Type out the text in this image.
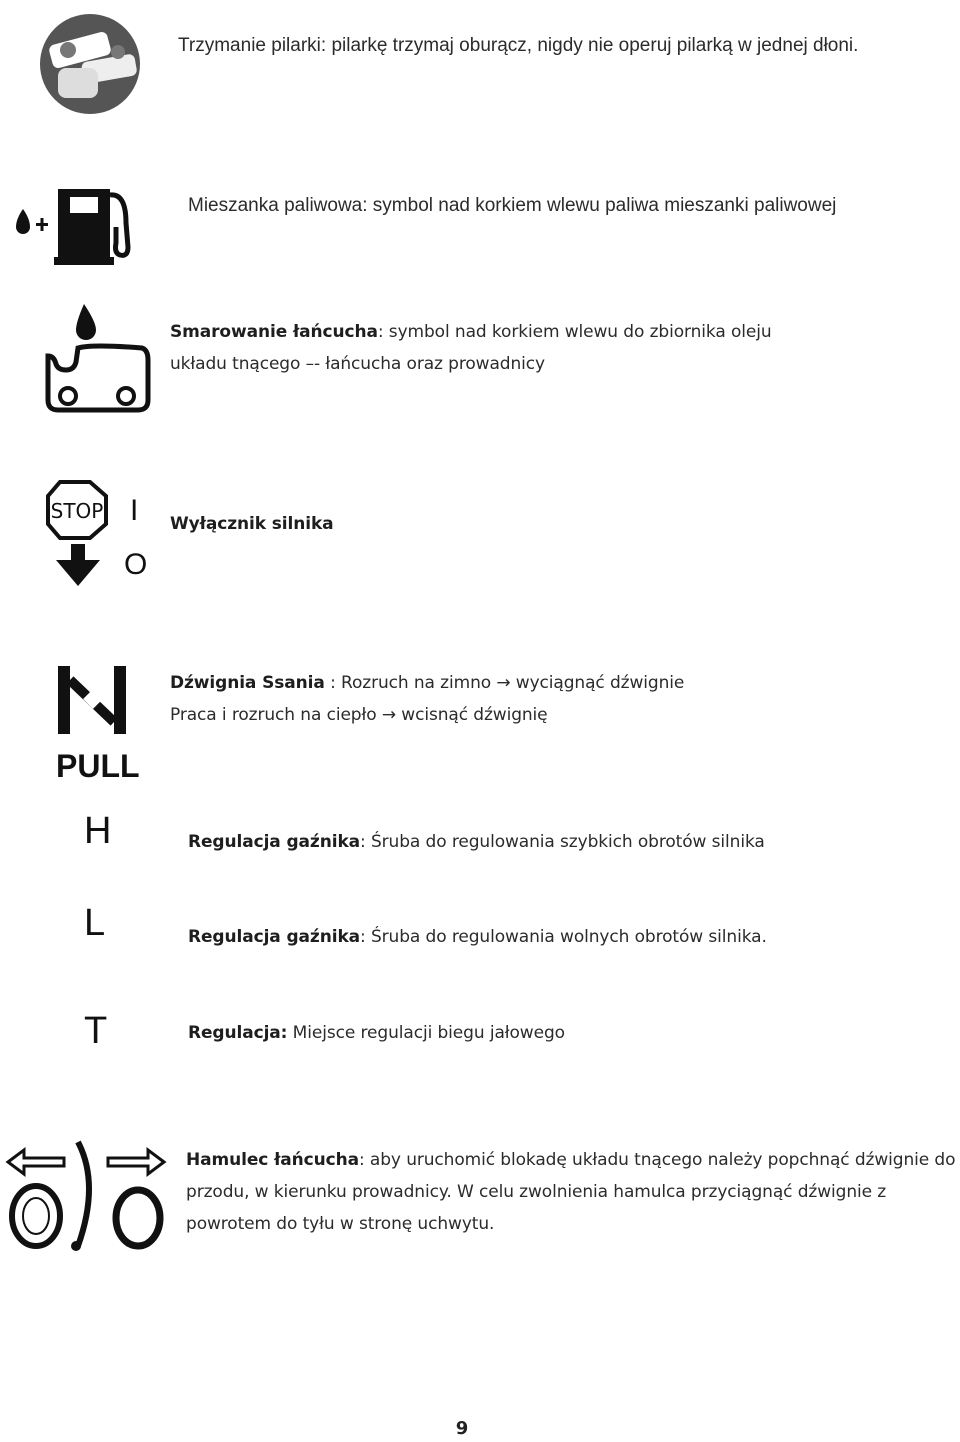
Trzymanie pilarki: pilarkę trzymaj oburącz, nigdy nie operuj pilarką w jednej dłoni.
Mieszanka paliwowa: symbol nad korkiem wlewu paliwa mieszanki paliwowej
Smarowanie łańcucha: symbol nad korkiem wlewu do zbiornika oleju
układu tnącego –- łańcucha oraz prowadnicy
STOP I
O
Wyłącznik silnika
PULL
Dźwignia Ssania : Rozruch na zimno → wyciągnąć dźwignie
Praca i rozruch na ciepło → wcisnąć dźwignię
H	Regulacja gaźnika: Śruba do regulowania szybkich obrotów silnika
L	Regulacja gaźnika: Śruba do regulowania wolnych obrotów silnika.
T	Regulacja: Miejsce regulacji biegu jałowego
Hamulec łańcucha: aby uruchomić blokadę układu tnącego należy popchnąć dźwignie do
przodu, w kierunku prowadnicy. W celu zwolnienia hamulca przyciągnąć dźwignie z
powrotem do tyłu w stronę uchwytu.
9
